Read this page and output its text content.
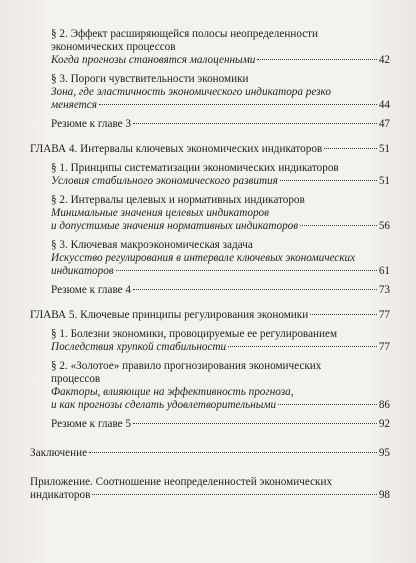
§ 2. Эффект расширяющейся полосы неопределенности
экономических процессов
Когда прогнозы становятся малоценными	42
§ 3. Пороги чувствительности экономики
Зона, где эластичность экономического индикатора резко
меняется	44
Резюме к главе 3	47
ГЛАВА 4. Интервалы ключевых экономических индикаторов	51
§ 1. Принципы систематизации экономических индикаторов
Условия стабильного экономического развития	51
§ 2. Интервалы целевых и нормативных индикаторов
Минимальные значения целевых индикаторов
и допустимые значения нормативных индикаторов	56
§ 3. Ключевая макроэкономическая задача
Искусство регулирования в интервале ключевых экономических
индикаторов	61
Резюме к главе 4	73
ГЛАВА 5. Ключевые принципы регулирования экономики	77
§ 1. Болезни экономики, провоцируемые ее регулированием
Последствия хрупкой стабильности	77
§ 2. «Золотое» правило прогнозирования экономических
процессов
Факторы, влияющие на эффективность прогноза,
и как прогнозы сделать удовлетворительными	86
Резюме к главе 5	92
Заключение	95
Приложение. Соотношение неопределенностей экономических
индикаторов	98
